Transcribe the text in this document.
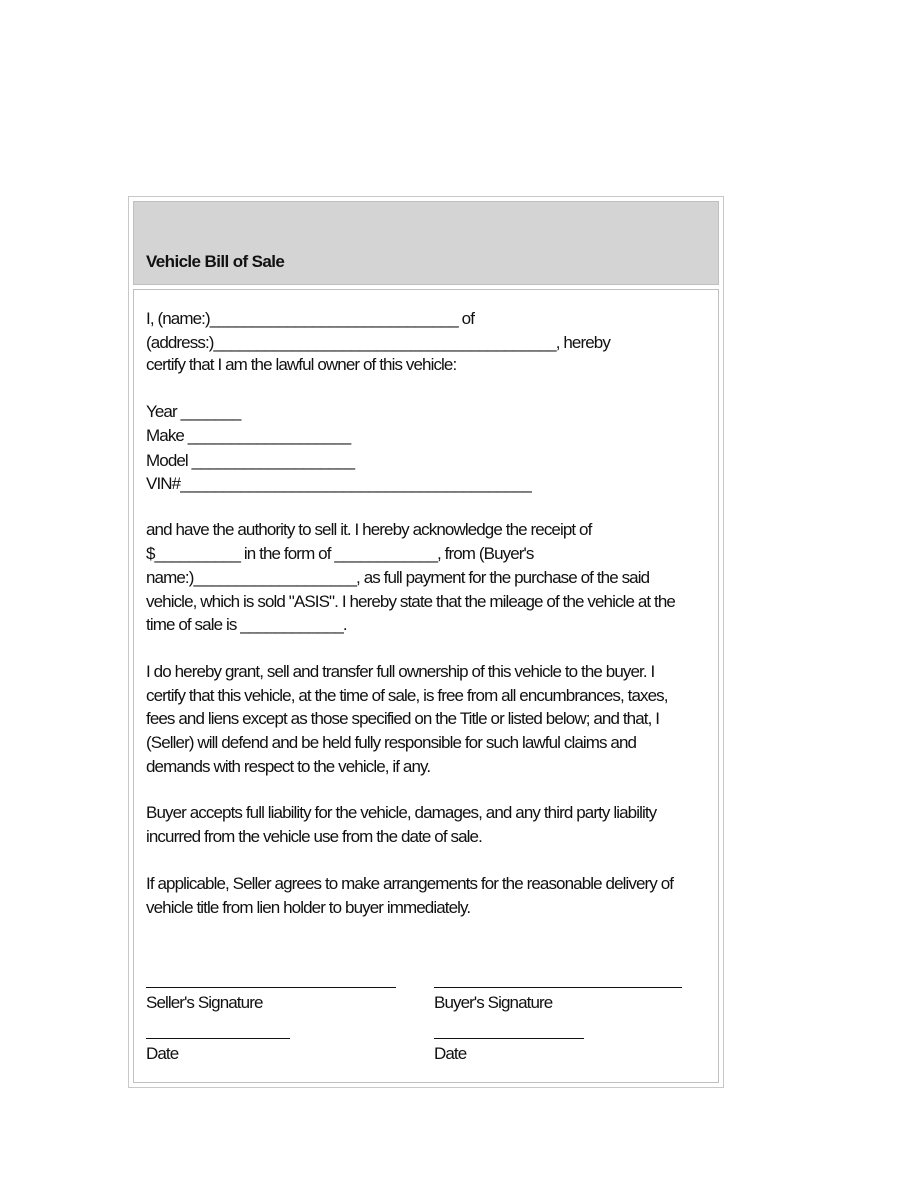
Vehicle Bill of Sale
I, (name:)_____________________________ of
(address:)________________________________________, hereby
certify that I am the lawful owner of this vehicle:
Year _______
Make ___________________
Model ___________________
VIN#_________________________________________
and have the authority to sell it. I hereby acknowledge the receipt of
$__________ in the form of ____________, from (Buyer's
name:)___________________, as full payment for the purchase of the said
vehicle, which is sold "ASIS". I hereby state that the mileage of the vehicle at the
time of sale is ____________.
I do hereby grant, sell and transfer full ownership of this vehicle to the buyer. I
certify that this vehicle, at the time of sale, is free from all encumbrances, taxes,
fees and liens except as those specified on the Title or listed below; and that, I
(Seller) will defend and be held fully responsible for such lawful claims and
demands with respect to the vehicle, if any.
Buyer accepts full liability for the vehicle, damages, and any third party liability
incurred from the vehicle use from the date of sale.
If applicable, Seller agrees to make arrangements for the reasonable delivery of
vehicle title from lien holder to buyer immediately.
Seller's Signature	Buyer's Signature
Date	Date
